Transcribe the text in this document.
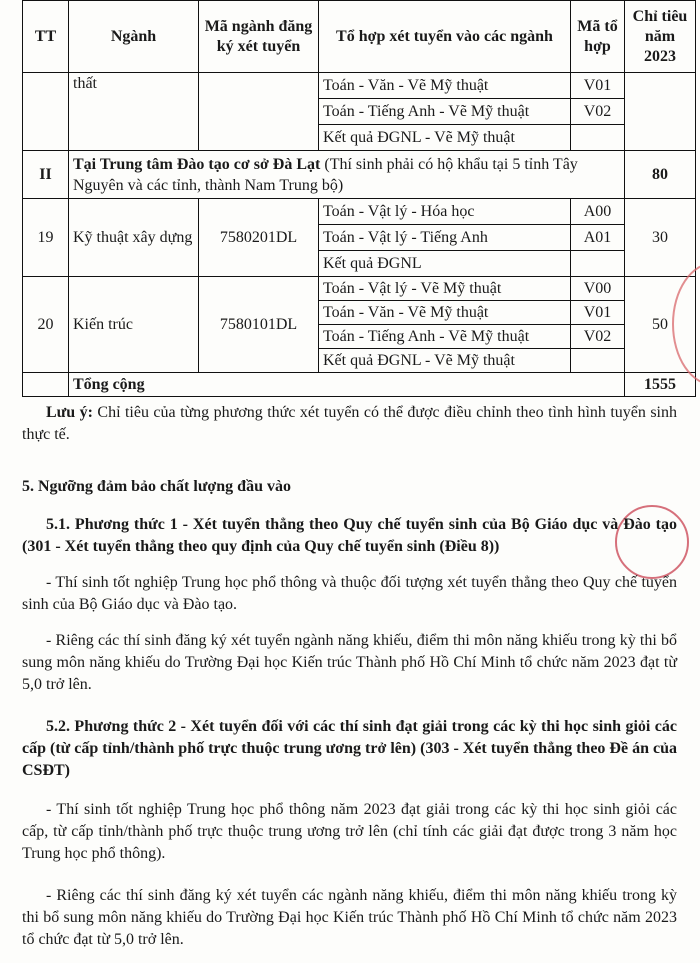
TT	Ngành	Mã ngành đăng ký xét tuyển	Tổ hợp xét tuyển vào các ngành	Mã tổ hợp	Chỉ tiêu năm 2023
	thất		Toán - Văn - Vẽ Mỹ thuật	V01	
			Toán - Tiếng Anh - Vẽ Mỹ thuật	V02	
			Kết quả ĐGNL - Vẽ Mỹ thuật		
II	Tại Trung tâm Đào tạo cơ sở Đà Lạt (Thí sinh phải có hộ khẩu tại 5 tỉnh Tây Nguyên và các tỉnh, thành Nam Trung bộ)				80
19	Kỹ thuật xây dựng	7580201DL	Toán - Vật lý - Hóa học	A00	30
			Toán - Vật lý - Tiếng Anh	A01	
			Kết quả ĐGNL		
20	Kiến trúc	7580101DL	Toán - Vật lý - Vẽ Mỹ thuật	V00	50
			Toán - Văn - Vẽ Mỹ thuật	V01	
			Toán - Tiếng Anh - Vẽ Mỹ thuật	V02	
			Kết quả ĐGNL - Vẽ Mỹ thuật		
	Tổng cộng				1555
Lưu ý: Chỉ tiêu của từng phương thức xét tuyển có thể được điều chỉnh theo tình hình tuyển sinh thực tế.
5. Ngưỡng đảm bảo chất lượng đầu vào
5.1. Phương thức 1 - Xét tuyển thẳng theo Quy chế tuyển sinh của Bộ Giáo dục và Đào tạo (301 - Xét tuyển thẳng theo quy định của Quy chế tuyển sinh (Điều 8))
- Thí sinh tốt nghiệp Trung học phổ thông và thuộc đối tượng xét tuyển thẳng theo Quy chế tuyển sinh của Bộ Giáo dục và Đào tạo.
- Riêng các thí sinh đăng ký xét tuyển ngành năng khiếu, điểm thi môn năng khiếu trong kỳ thi bổ sung môn năng khiếu do Trường Đại học Kiến trúc Thành phố Hồ Chí Minh tổ chức năm 2023 đạt từ 5,0 trở lên.
5.2. Phương thức 2 - Xét tuyển đối với các thí sinh đạt giải trong các kỳ thi học sinh giỏi các cấp (từ cấp tỉnh/thành phố trực thuộc trung ương trở lên) (303 - Xét tuyển thẳng theo Đề án của CSĐT)
- Thí sinh tốt nghiệp Trung học phổ thông năm 2023 đạt giải trong các kỳ thi học sinh giỏi các cấp, từ cấp tỉnh/thành phố trực thuộc trung ương trở lên (chỉ tính các giải đạt được trong 3 năm học Trung học phổ thông).
- Riêng các thí sinh đăng ký xét tuyển các ngành năng khiếu, điểm thi môn năng khiếu trong kỳ thi bổ sung môn năng khiếu do Trường Đại học Kiến trúc Thành phố Hồ Chí Minh tổ chức năm 2023 tổ chức đạt từ 5,0 trở lên.
